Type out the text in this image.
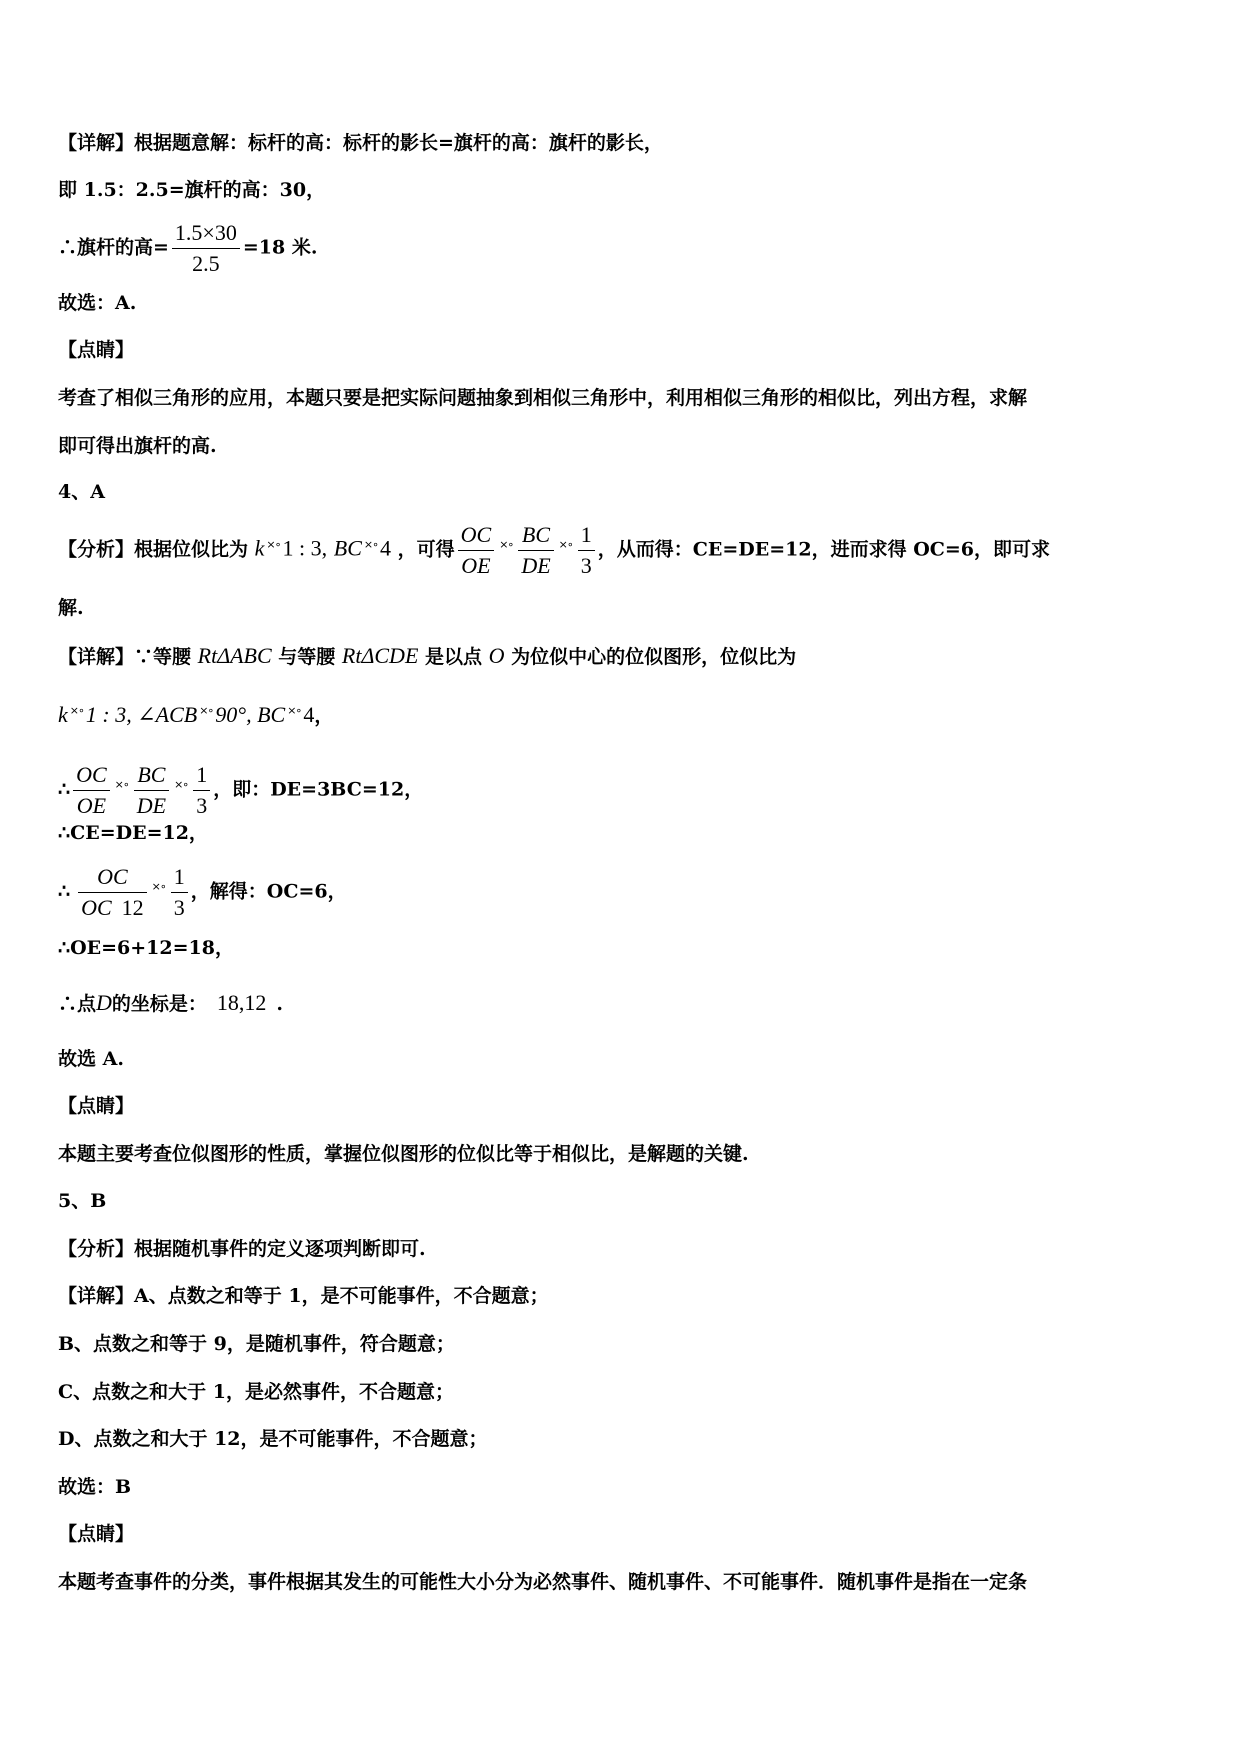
【详解】根据题意解：标杆的高：标杆的影长=旗杆的高：旗杆的影长，
即 1.5：2.5=旗杆的高：30，
∴旗杆的高= $\frac{1.5\times 30}{2.5} =18$ 米.
故选：A.
【点睛】
考查了相似三角形的应用，本题只要是把实际问题抽象到相似三角形中，利用相似三角形的相似比，列出方程，求解
即可得出旗杆的高.
4、A
【分析】根据位似比为 k ×∘1 : 3, BC ×∘4 ，可得 $\frac{OC}{OE} ^{\times\circ} \frac{BC}{DE} ^{\times\circ} \frac{1}{3}$ ，从而得：CE=DE=12，进而求得 OC=6，即可求
解.
【详解】∵等腰 RtΔABC 与等腰 RtΔCDE 是以点 O 为位似中心的位似图形，位似比为
k ×∘1 : 3, ∠ACB ×∘90°, BC ×∘4，
∴ $\frac{OC}{OE} ^{\times\circ} \frac{BC}{DE} ^{\times\circ} \frac{1}{3}$ ，即：DE=3BC=12，
∴CE=DE=12，
∴ $\frac{OC}{OC 12} ^{\times\circ} \frac{1}{3}$ ，解得：OC=6，
∴OE=6+12=18，
∴点D的坐标是： 18,12 .
故选 A.
【点睛】
本题主要考查位似图形的性质，掌握位似图形的位似比等于相似比，是解题的关键.
5、B
【分析】根据随机事件的定义逐项判断即可.
【详解】A、点数之和等于 1，是不可能事件，不合题意；
B、点数之和等于 9，是随机事件，符合题意；
C、点数之和大于 1，是必然事件，不合题意；
D、点数之和大于 12，是不可能事件，不合题意；
故选：B
【点睛】
本题考查事件的分类，事件根据其发生的可能性大小分为必然事件、随机事件、不可能事件．随机事件是指在一定条
